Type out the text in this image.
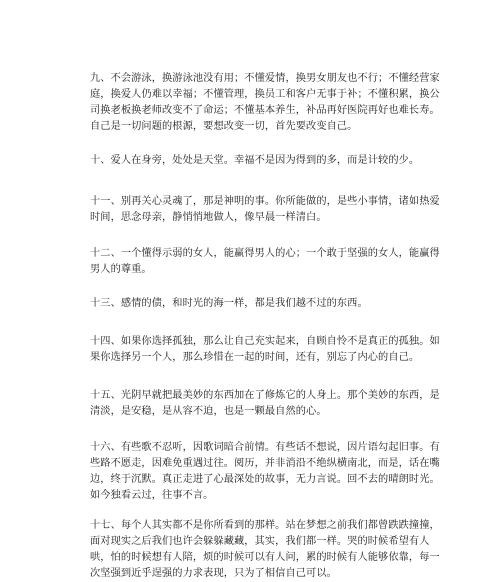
九、不会游泳，换游泳池没有用；不懂爱情，换男女朋友也不行；不懂经营家庭，换爱人仍难以幸福；不懂管理，换员工和客户无事于补；不懂积累，换公司换老板换老师改变不了命运；不懂基本养生，补品再好医院再好也难长寿。自己是一切问题的根源，要想改变一切，首先要改变自己。

十、爱人在身旁，处处是天堂。幸福不是因为得到的多，而是计较的少。

十一、别再关心灵魂了，那是神明的事。你所能做的，是些小事情，诸如热爱时间，思念母亲，静悄悄地做人，像早晨一样清白。

十二、一个懂得示弱的女人，能赢得男人的心；一个敢于坚强的女人，能赢得男人的尊重。

十三、感情的债，和时光的海一样，都是我们越不过的东西。

十四、如果你选择孤独，那么让自己充实起来，自顾自怜不是真正的孤独。如果你选择另一个人，那么珍惜在一起的时间，还有，别忘了内心的自己。

十五、光阴早就把最美妙的东西加在了修炼它的人身上。那个美妙的东西，是清淡，是安稳，是从容不迫，也是一颗最自然的心。

十六、有些歌不忍听，因歌词暗合前情。有些话不想说，因片语勾起旧事。有些路不愿走，因难免重遇过往。阅历，并非消沿不绝纵横南北，而是，话在嘴边，终于沉默。真正走进了心最深处的故事，无力言说。回不去的晴朗时光。如今独看云过，往事不言。

十七、每个人其实都不是你所看到的那样。站在梦想之前我们都曾跌跌撞撞，面对现实之后我们也许会躲躲藏藏，其实，我们都一样。哭的时候希望有人哄，怕的时候想有人陪，烦的时候可以有人问，累的时候有人能够依靠，每一次坚强到近乎逞强的力求表现，只为了相信自己可以。
